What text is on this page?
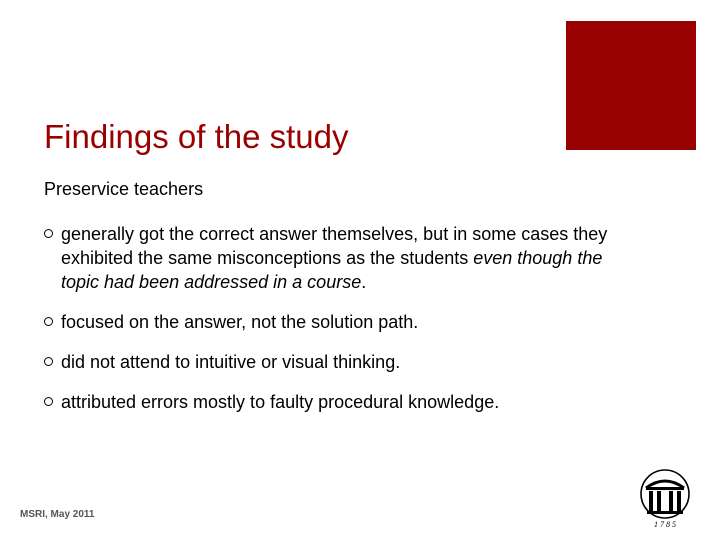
Findings of the study
Preservice teachers
generally got the correct answer themselves, but in some cases they exhibited the same misconceptions as the students even though the topic had been addressed in a course.
focused on the answer, not the solution path.
did not attend to intuitive or visual thinking.
attributed errors mostly to faulty procedural knowledge.
MSRI, May 2011
1 7 8 5
